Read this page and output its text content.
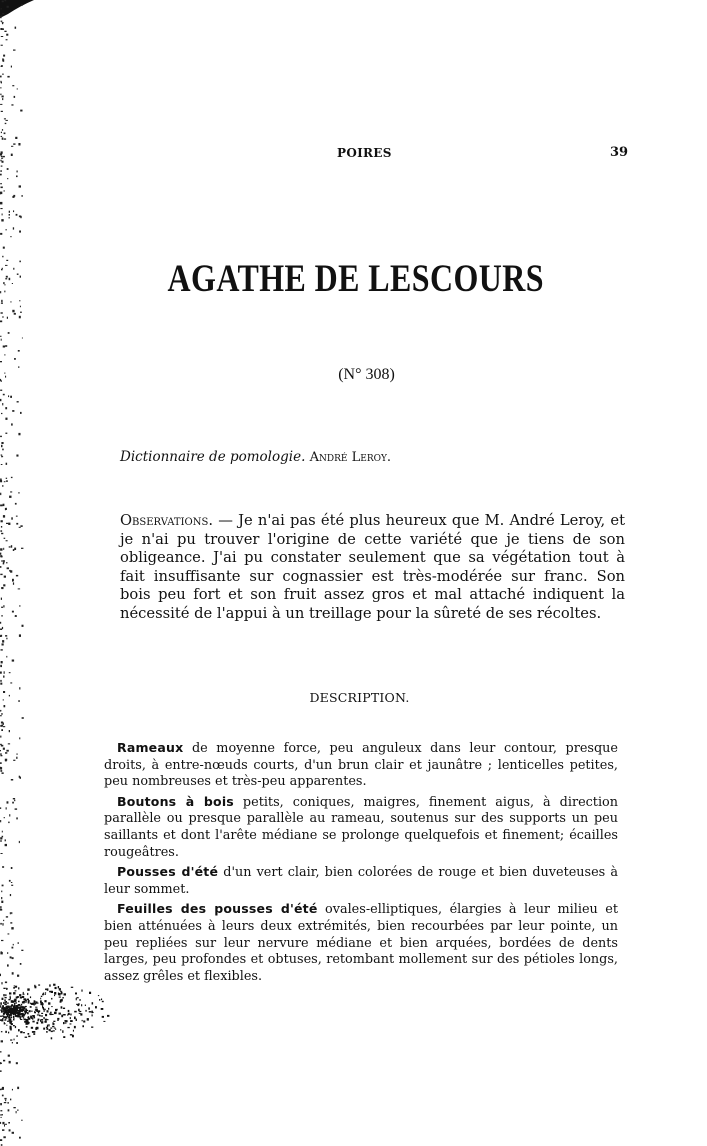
POIRES	39
AGATHE DE LESCOURS
(N° 308)
Dictionnaire de pomologie. André Leroy.

Observations. — Je n'ai pas été plus heureux que M. André Leroy, et je n'ai pu trouver l'origine de cette variété que je tiens de son obligeance. J'ai pu constater seulement que sa végétation tout à fait insuffisante sur cognassier est très-modérée sur franc. Son bois peu fort et son fruit assez gros et mal attaché indiquent la nécessité de l'appui à un treillage pour la sûreté de ses récoltes.

DESCRIPTION.

Rameaux de moyenne force, peu anguleux dans leur contour, presque droits, à entre-nœuds courts, d'un brun clair et jaunâtre ; lenticelles petites, peu nombreuses et très-peu apparentes.

Boutons à bois petits, coniques, maigres, finement aigus, à direction parallèle ou presque parallèle au rameau, soutenus sur des supports un peu saillants et dont l'arête médiane se prolonge quelquefois et finement; écailles rougeâtres.

Pousses d'été d'un vert clair, bien colorées de rouge et bien duveteuses à leur sommet.

Feuilles des pousses d'été ovales-elliptiques, élargies à leur milieu et bien atténuées à leurs deux extrémités, bien recourbées par leur pointe, un peu repliées sur leur nervure médiane et bien arquées, bordées de dents larges, peu profondes et obtuses, retombant mollement sur des pétioles longs, assez grêles et flexibles.
